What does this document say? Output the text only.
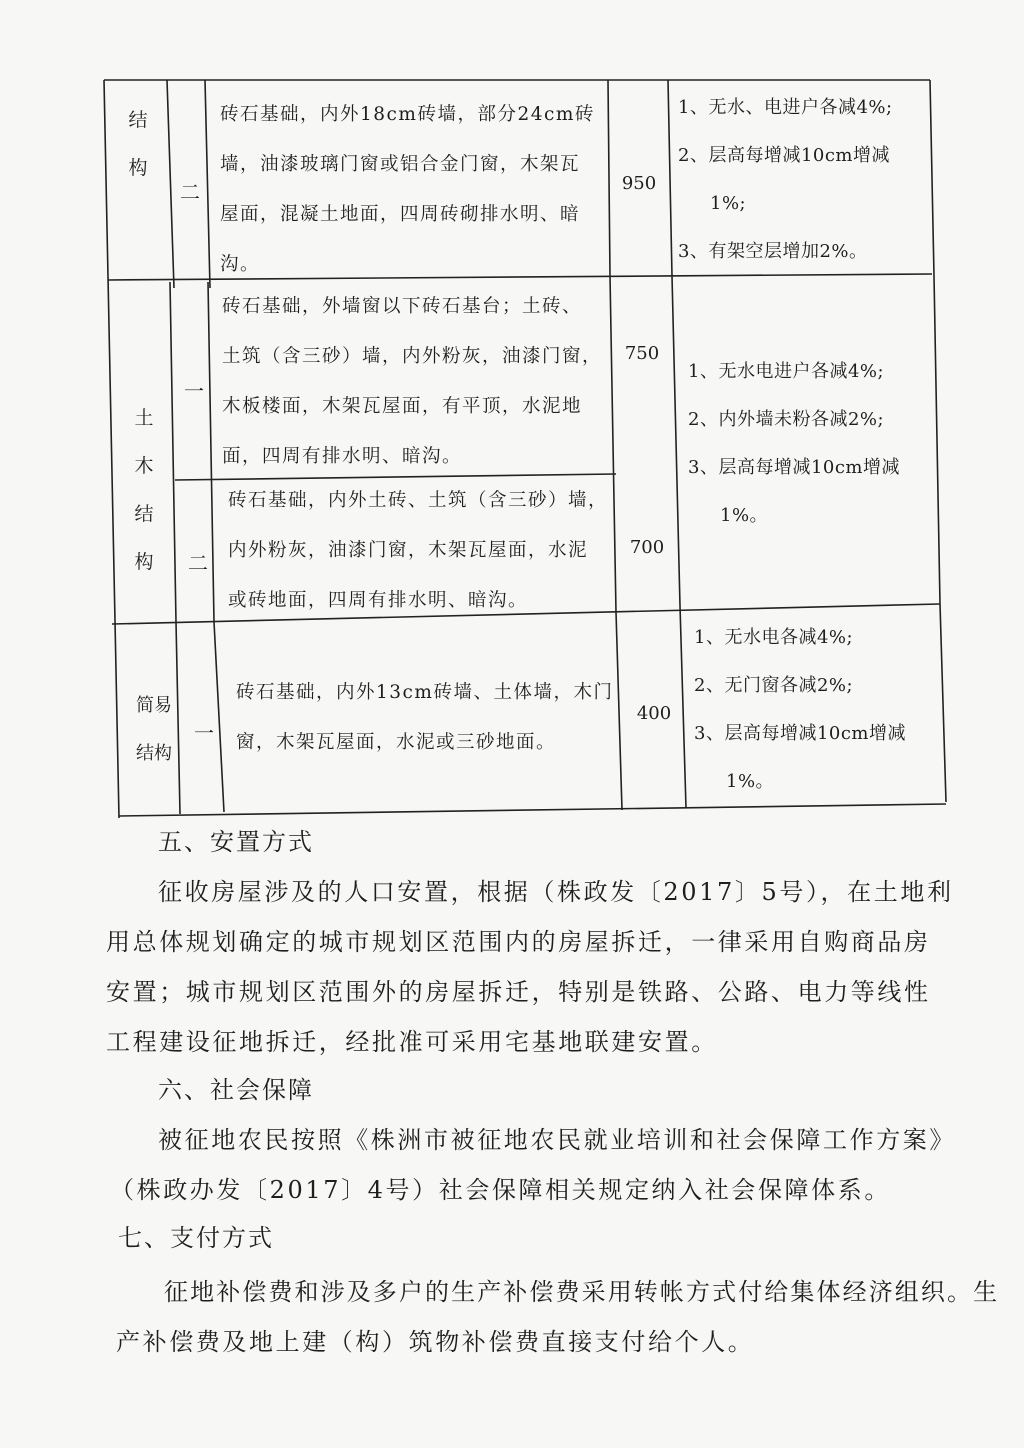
结
构
二

砖石基础，内外18cm砖墙，部分24cm砖

墙，油漆玻璃门窗或铝合金门窗，木架瓦

屋面，混凝土地面，四周砖砌排水明、暗

沟。

950

1、无水、电进户各减4%;

2、层高每增减10cm增减

1%;

3、有架空层增加2%。

土
木
结
构
一

砖石基础，外墙窗以下砖石基台；土砖、

土筑（含三砂）墙，内外粉灰，油漆门窗，

木板楼面，木架瓦屋面，有平顶，水泥地

面，四周有排水明、暗沟。

750

1、无水电进户各减4%;

2、内外墙未粉各减2%;

3、层高每增减10cm增减

1%。

二

砖石基础，内外土砖、土筑（含三砂）墙，

内外粉灰，油漆门窗，木架瓦屋面，水泥

或砖地面，四周有排水明、暗沟。

700
简易
结构
一

砖石基础，内外13cm砖墙、土体墙，木门

窗，木架瓦屋面，水泥或三砂地面。

400

1、无水电各减4%;

2、无门窗各减2%;

3、层高每增减10cm增减

1%。

五、安置方式
征收房屋涉及的人口安置，根据（株政发〔2017〕5号），在土地利
用总体规划确定的城市规划区范围内的房屋拆迁，一律采用自购商品房
安置；城市规划区范围外的房屋拆迁，特别是铁路、公路、电力等线性
工程建设征地拆迁，经批准可采用宅基地联建安置。
六、社会保障
被征地农民按照《株洲市被征地农民就业培训和社会保障工作方案》
（株政办发〔2017〕4号）社会保障相关规定纳入社会保障体系。
七、支付方式
征地补偿费和涉及多户的生产补偿费采用转帐方式付给集体经济组织。生
产补偿费及地上建（构）筑物补偿费直接支付给个人。
